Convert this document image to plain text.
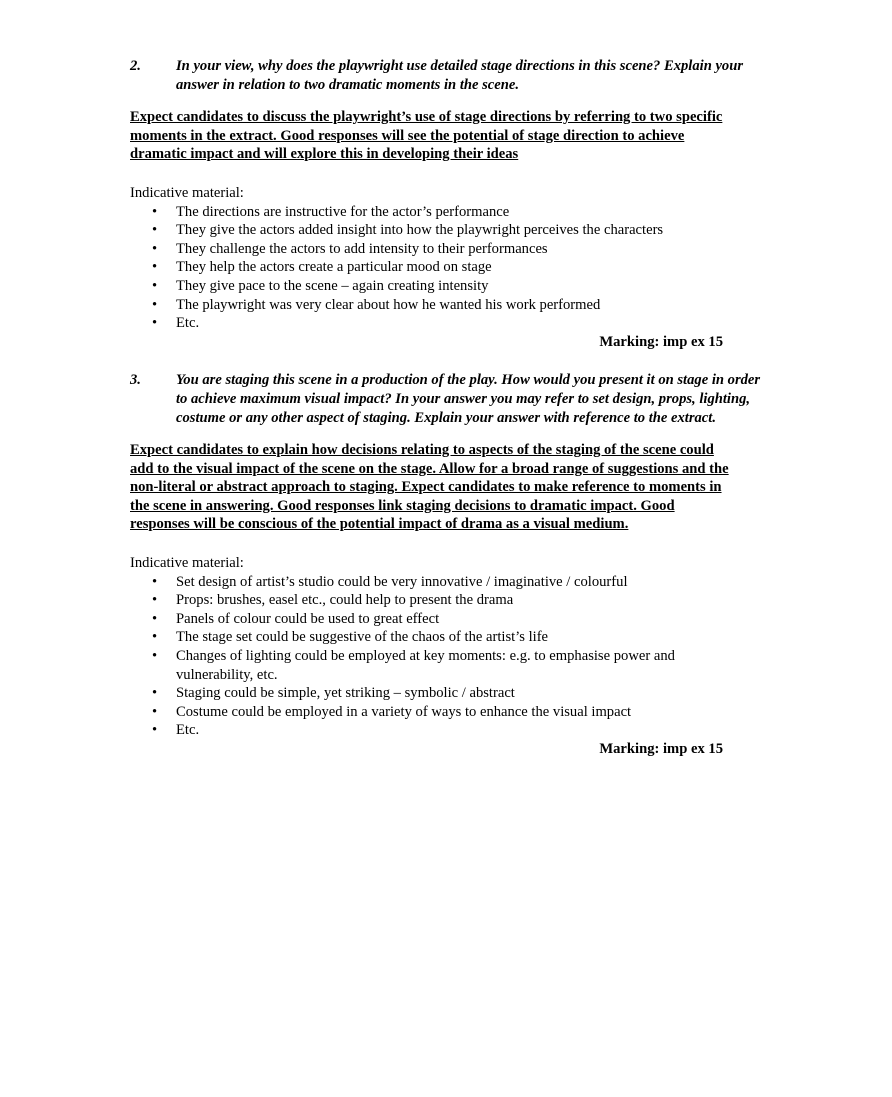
2.	In your view, why does the playwright use detailed stage directions in this scene? Explain your answer in relation to two dramatic moments in the scene.

Expect candidates to discuss the playwright’s use of stage directions by referring to two specific moments in the extract. Good responses will see the potential of stage direction to achieve dramatic impact and will explore this in developing their ideas

Indicative material:

• The directions are instructive for the actor’s performance
• They give the actors added insight into how the playwright perceives the characters
• They challenge the actors to add intensity to their performances
• They help the actors create a particular mood on stage
• They give pace to the scene – again creating intensity
• The playwright was very clear about how he wanted his work performed
• Etc.

Marking: imp ex 15

3.	You are staging this scene in a production of the play. How would you present it on stage in order to achieve maximum visual impact? In your answer you may refer to set design, props, lighting, costume or any other aspect of staging. Explain your answer with reference to the extract.

Expect candidates to explain how decisions relating to aspects of the staging of the scene could add to the visual impact of the scene on the stage. Allow for a broad range of suggestions and the non-literal or abstract approach to staging. Expect candidates to make reference to moments in the scene in answering. Good responses link staging decisions to dramatic impact. Good responses will be conscious of the potential impact of drama as a visual medium.

Indicative material:

• Set design of artist’s studio could be very innovative / imaginative / colourful
• Props: brushes, easel etc., could help to present the drama
• Panels of colour could be used to great effect
• The stage set could be suggestive of the chaos of the artist’s life
• Changes of lighting could be employed at key moments: e.g. to emphasise power and vulnerability, etc.
• Staging could be simple, yet striking – symbolic / abstract
• Costume could be employed in a variety of ways to enhance the visual impact
• Etc.

Marking: imp ex 15
